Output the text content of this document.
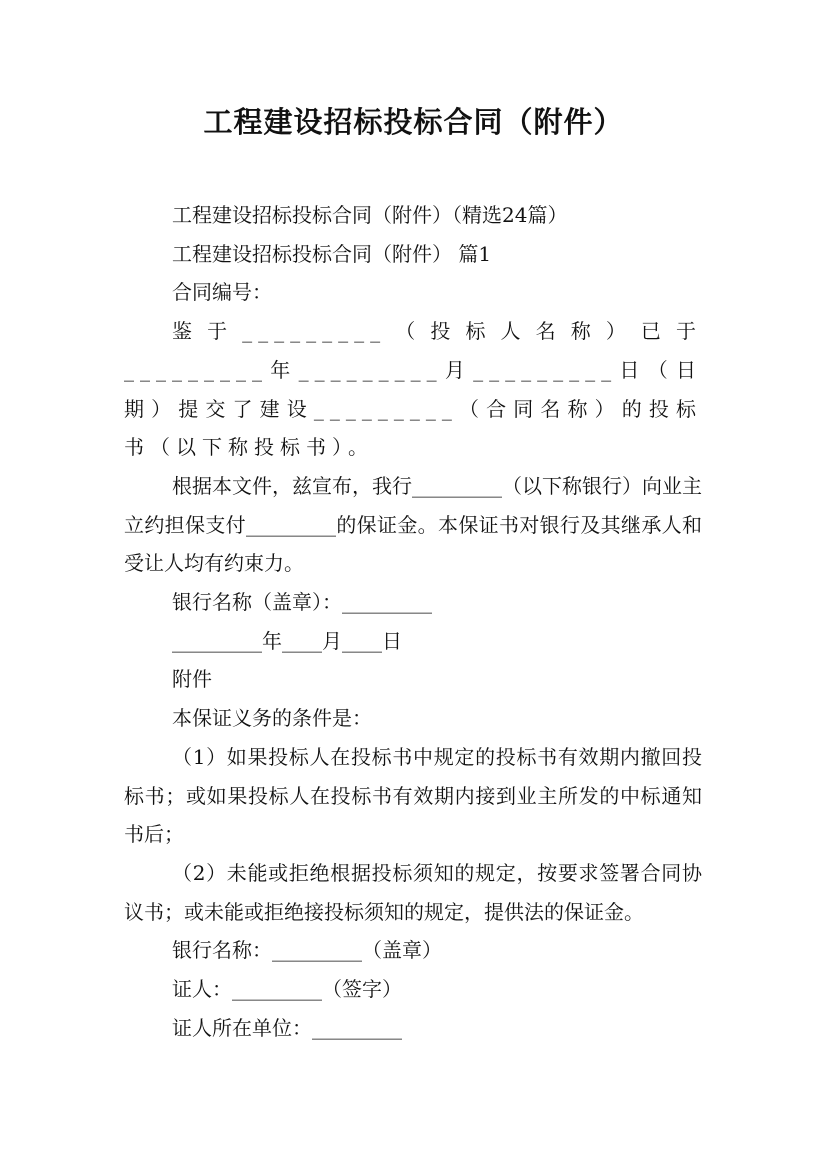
工程建设招标投标合同（附件）

工程建设招标投标合同（附件）（精选24篇）

工程建设招标投标合同（附件） 篇1

合同编号：

鉴于_________（投标人名称）已于_________年_________月_________日（日期）提交了建设_________（合同名称）的投标书（以下称投标书）。

根据本文件，兹宣布，我行_________（以下称银行）向业主立约担保支付_________的保证金。本保证书对银行及其继承人和受让人均有约束力。

银行名称（盖章）：_________

_________年____月____日

附件

本保证义务的条件是：

（1）如果投标人在投标书中规定的投标书有效期内撤回投标书；或如果投标人在投标书有效期内接到业主所发的中标通知书后；

（2）未能或拒绝根据投标须知的规定，按要求签署合同协议书；或未能或拒绝接投标须知的规定，提供法的保证金。

银行名称：_________（盖章）

证人：_________（签字）

证人所在单位：_________
